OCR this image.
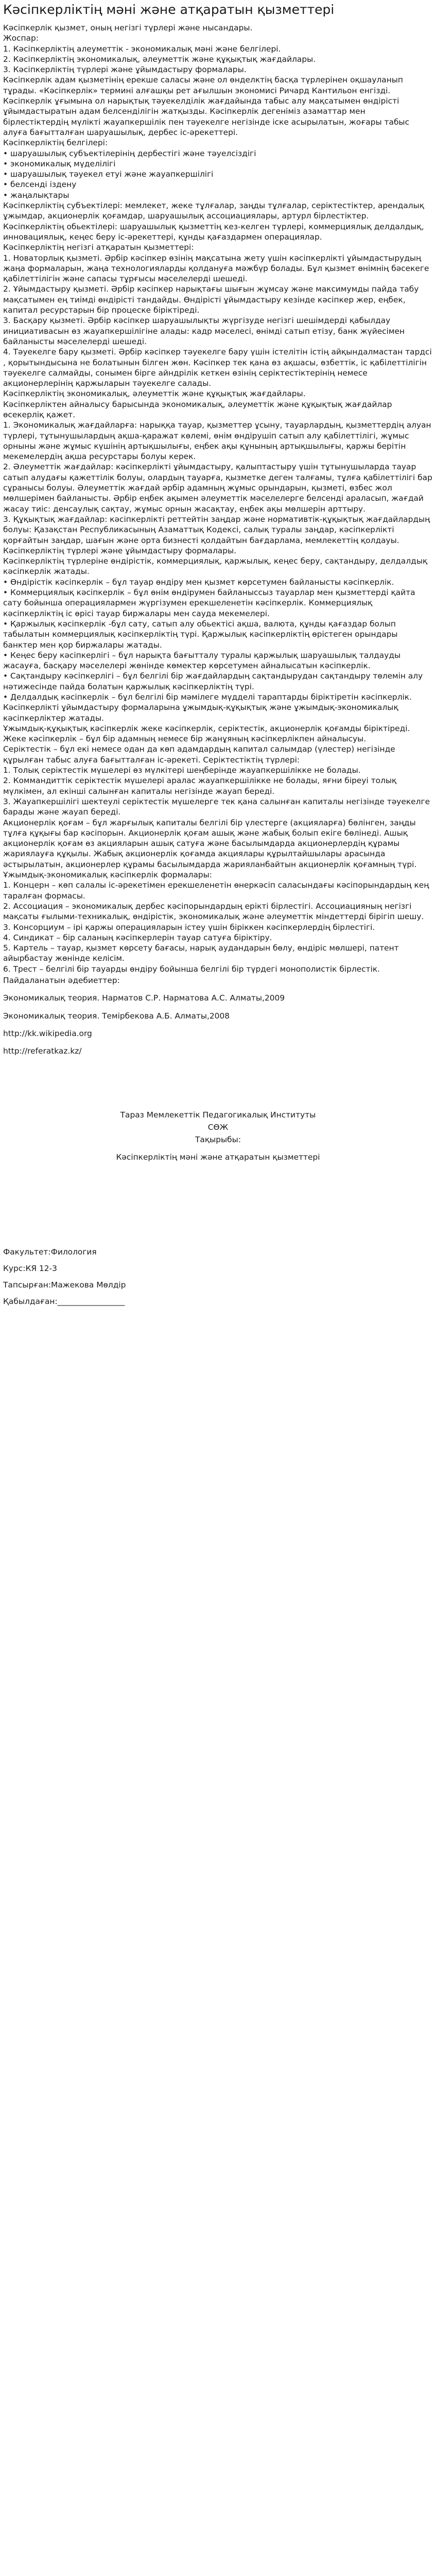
Кәсіпкерліктің мәні және атқаратын қызметтері

Кәсіпкерлік қызмет, оның негізгі түрлері және нысандары.

Жоспар:

1. Кәсіпкерліктің алеуметтік - экономикалық мәні және белгілері.

2. Кәсіпкерліктің экономикалық, әлеуметтік және құқықтық жағдайлары.

3. Кәсіпкерліктің түрлері және ұйымдастыру формалары.

Кәсіпкерлік адам қызметінің ерекше саласы және ол өнделктің басқа түрлерінен оқшауланып тұрады. «Кәсіпкерлік» термині алғашқы рет ағылшын экономисі Ричард Кантильон енгізді. Кәсіпкерлік ұғымына ол нарықтық тәуекелділік жағдайында табыс алу мақсатымен өндірісті ұйымдастыратын адам белсенділігін жатқызды. Кәсіпкерлік дегеніміз азаматтар мен бірлестіктердің мүлікті жауапкершілік пен тәуекелге негізінде іске асырылатын, жоғары табыс алуға бағытталған шаруашылық, дербес іс-әрекеттері.

Кәсіпкерліктің белгілері:

• шаруашылық субъектілерінің дербестігі және тәуелсіздігі

• экономикалық мүделілігі

• шаруашылық тәуекел етуі және жауапкершілігі

• белсенді іздену

• жаңалықтары

Кәсіпкерліктің субъектілері: мемлекет, жеке тұлғалар, заңды тұлғалар, серіктестіктер, арендалық ұжымдар, акционерлік қоғамдар, шаруашылық ассоциациялары, артурл бірлестіктер.

Кәсіпкерліктің обьектілері: шаруашылық қызметтің кез-келген түрлері, коммерциялық делдалдық, инновациялық, кеңес беру іс-әрекеттері, құнды қағаздармен операциялар.

Кәсіпкерліктің негізгі атқаратын қызметтері:

1. Новаторлық қызметі. Әрбір кәсіпкер өзінің мақсатына жету үшін кәсіпкерлікті ұйымдастырудың жаңа формаларын, жаңа технологияларды қолдануға мәжбүр болады. Бұл қызмет өнімнің бәсекеге қабілеттілігін және сапасы тұрғысы мәселелерді шешеді.

2. Ұйымдастыру қызметі. Әрбір кәсіпкер нарықтағы шығын жұмсау және максимумды пайда табу мақсатымен ең тиімді өндірісті тандайды. Өндірісті ұйымдастыру кезінде кәсіпкер жер, еңбек, капитал ресурстарын бір процеске біріктіреді.

3. Басқару қызметі. Әрбір кәсіпкер шаруашылықты жүргізуде негізгі шешімдерді қабылдау инициативасын өз жауапкершілігіне алады: кадр мәселесі, өнімді сатып етізу, банк жүйесімен байланысты мәселелерді шешеді.

4. Тәуекелге бару қызметі. Әрбір кәсіпкер тәуекелге бару үшін істелітін істің айқындалмастан тардсі , қорытындысына не болатынын білген жөн. Кәсіпкер тек қана өз ақшасы, өзбеттік, іс қабілеттілігін тәуекелге салмайды, сонымен бірге айндрілік кеткен өзінің серіктестіктерінің немесе акционерлерінің қаржыларын тәуекелге салады.

Кәсіпкерліктің экономикалық, әлеуметтік және құқықтық жағдайлары.

Кәсіпкерліктен айналысу барысында экономикалық, әлеуметтік және құқықтық жағдайлар өсекерліқ қажет.

1. Экономикалық жағдайларға: нарыққа тауар, қызметтер ұсыну, тауарлардың, қызметтердің алуан түрлері, тұтынушылардың ақша-қаражат көлемі, өнім өндірушіп сатып алу қабілеттілігі, жұмыс орныны және жұмыс күшінің артықшылығы, еңбек ақы құнының артықшылығы, қаржы берітін мекемелердің ақша ресурстары болуы керек.

2. Әлеуметтік жағдайлар: кәсіпкерлікті ұйымдастыру, қалыптастыру үшін тұтынушыларда тауар сатып алудағы қажеттілік болуы, олардың тауарға, қызметке деген талғамы, тұлға қабілеттілігі бар сұранысы болуы. Әлеуметтік жағдай әрбір адамның жұмыс орындарын, қызметі, өзбес жол мөлшерімен байланысты. Әрбір еңбек ақымен әлеуметтік мәселелерге белсенді араласып, жағдай жасау тиіс: денсаулық сақтау, жұмыс орнын жасақтау, еңбек ақы мөлшерін арттыру.

3. Құқықтық жағдайлар: кәсіпкерлікті реттейтін заңдар және нормативтік-құқықтық жағдайлардың болуы: Қазақстан Республикасының Азаматтық Кодексі, салық туралы заңдар, кәсіпкерлікті қорғайтын заңдар, шағын және орта бизнесті қолдайтын бағдарлама, мемлекеттің қолдауы.

Кәсіпкерліктің түрлері және ұйымдастыру формалары.

Кәсіпкерліктің түрлеріне өндірістік, коммерциялық, қаржылық, кеңес беру, сақтандыру, делдалдық кәсіпкерлік жатады.

• Өндірістік кәсіпкерлік – бұл тауар өндіру мен қызмет көрсетумен байланысты кәсіпкерлік.

• Коммерциялық кәсіпкерлік – бұл өнім өндірумен байланыссыз тауарлар мен қызметтерді қайта сату бойынша операциялармен жүргізумен ерекшеленетін кәсіпкерлік. Коммерциялық кәсіпкерліктің іс өрісі тауар биржалары мен сауда мекемелері.

• Қаржылық кәсіпкерлік -бұл сату, сатып алу обьектісі ақша, валюта, құнды қағаздар болып табылатын коммерциялық кәсіпкерліктің түрі. Қаржылық кәсіпкерліктің өрістеген орындары банктер мен қор биржалары жатады.

• Кеңес беру кәсіпкерлігі – бұл нарықта бағытталу туралы қаржылық шаруашылық талдауды жасауға, басқару мәселелері жөнінде көмектер көрсетумен айналысатын кәсіпкерлік.

• Сақтандыру кәсіпкерлігі – бұл белгілі бір жағдайлардың сақтандырудан сақтандыру төлемін алу нәтижесінде пайда болатын қаржылық кәсіпкерліктің түрі.

• Делдалдық кәсіпкерлік – бұл белгілі бір мәмілеге мүдделі тараптарды біріктіретін кәсіпкерлік.

Кәсіпкерлікті ұйымдастыру формаларына ұжымдық-құқықтық және ұжымдық-экономикалық кәсіпкерліктер жатады.

Ұжымдық-құқықтық кәсіпкерлік жеке кәсіпкерлік, серіктестік, акционерлік қоғамды біріктіреді.

Жеке кәсіпкерлік – бұл бір адамның немесе бір жанұяның кәсіпкерлікпен айналысуы.

Серіктестік – бұл екі немесе одан да көп адамдардың капитал салымдар (үлестер) негізінде құрылған табыс алуға бағытталған іс-әрекеті. Серіктестіктің түрлері:

1. Толық серіктестік мүшелері өз мүлкітері шеңберінде жауапкершілікке не болады.

2. Коммандиттік серіктестік мүшелері аралас жауапкершілікке не болады, яғни біреуі толық мүлкімен, ал екінші салынған капиталы негізінде жауап береді.

3. Жауапкершілігі шектеулі серіктестік мүшелерге тек қана салынған капиталы негізінде тәуекелге барады және жауап береді.

Акционерлік қоғам – бұл жарғылық капиталы белгілі бір үлестерге (акцияларға) бөлінген, заңды тұлға құқығы бар кәсіпорын. Акционерлік қоғам ашық және жабық болып екіге бөлінеді. Ашық акционерлік қоғам өз акцияларын ашық сатуға және басылымдарда акционерлердің құрамы жариялауға құқылы. Жабық акционерлік қоғамда акциялары құрылтайшылары арасында әстырылатын, акционерлер құрамы басылымдарда жарияланбайтын акционерлік қоғамның түрі.

Ұжымдық-экономикалық кәсіпкерлік формалары:

1. Концерн – көп салалы іс-әрекетімен ерекшеленетін өнеркәсіп саласындағы кәсіпорындардың кең таралған формасы.

2. Ассоциация – экономикалық дербес кәсіпорындардың ерікті бірлестігі. Ассоциацияның негізгі мақсаты ғылыми-техникалық, өндірістік, экономикалық және әлеуметтік міндеттерді бірігіп шешу.

3. Консорциум – ірі қаржы операцияларын істеу үшін біріккен кәсіпкерлердің бірлестігі.

4. Синдикат – бір саланың кәсіпкерлерін тауар сатуға біріктіру.

5. Картель – тауар, қызмет көрсету бағасы, нарық аудандарын бөлу, өндіріс мөлшері, патент айырбастау жөнінде келісім.

6. Трест – белгілі бір тауарды өндіру бойынша белгілі бір түрдегі монополистік бірлестік.

Пайдаланатын әдебиеттер:

Экономикалық теория. Нарматов С.Р. Нарматова А.С. Алматы,2009

Экономикалық теория. Темірбекова А.Б. Алматы,2008

http://kk.wikipedia.org

http://referatkaz.kz/

Тараз Мемлекеттік Педагогикалық Институты

СӨЖ

Тақырыбы:

Кәсіпкерліктің мәні және атқаратын қызметтері

Факультет:Филология

Курс:КЯ 12-3

Тапсырған:Мажекова Мөлдір

Қабылдаған:_________________
